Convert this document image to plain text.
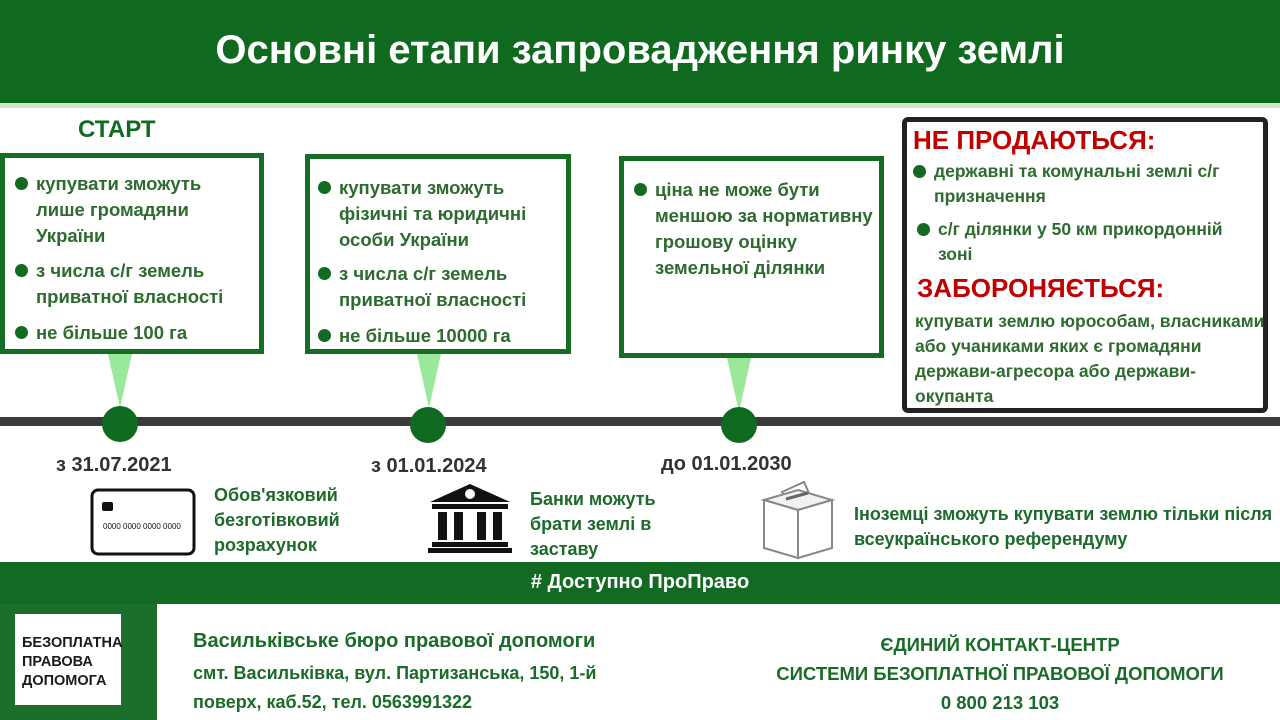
Основні етапи запровадження ринку землі
СТАРТ
купувати зможуть лише громадяни України
з числа с/г земель приватної власності
не більше 100 га
купувати зможуть фізичні та юридичні особи України
з числа с/г земель приватної власності
не більше 10000 га
ціна не може бути меншою за нормативну грошову оцінку земельної ділянки
НЕ ПРОДАЮТЬСЯ:
державні та комунальні землі с/г призначення
с/г ділянки у 50 км прикордонній зоні
ЗАБОРОНЯЄТЬСЯ:
купувати землю юрособам, власниками або учаниками яких є громадяни держави-агресора або держави-окупанта
з 31.07.2021	з 01.01.2024	до 01.01.2030
0000 0000 0000 0000
Обов'язковий безготівковий розрахунок
Банки можуть брати землі в заставу
Іноземці зможуть купувати землю тільки після всеукраїнського референдуму
# Доступно ПроПраво
БЕЗОПЛАТНА
ПРАВОВА
ДОПОМОГА
Васильківське бюро правової допомоги
смт. Васильківка, вул. Партизанська, 150, 1-й
поверх, каб.52, тел. 0563991322
ЄДИНИЙ КОНТАКТ-ЦЕНТР
СИСТЕМИ БЕЗОПЛАТНОЇ ПРАВОВОЇ ДОПОМОГИ
0 800 213 103
